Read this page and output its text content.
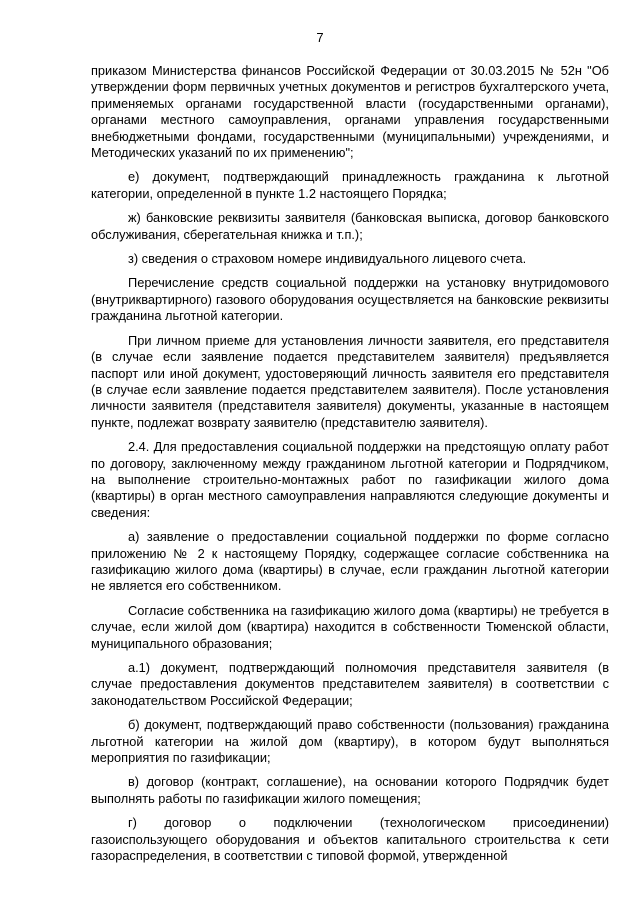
7

приказом Министерства финансов Российской Федерации от 30.03.2015 № 52н "Об утверждении форм первичных учетных документов и регистров бухгалтерского учета, применяемых органами государственной власти (государственными органами), органами местного самоуправления, органами управления государственными внебюджетными фондами, государственными (муниципальными) учреждениями, и Методических указаний по их применению";

е) документ, подтверждающий принадлежность гражданина к льготной категории, определенной в пункте 1.2 настоящего Порядка;

ж) банковские реквизиты заявителя (банковская выписка, договор банковского обслуживания, сберегательная книжка и т.п.);

з) сведения о страховом номере индивидуального лицевого счета.

Перечисление средств социальной поддержки на установку внутридомового (внутриквартирного) газового оборудования осуществляется на банковские реквизиты гражданина льготной категории.

При личном приеме для установления личности заявителя, его представителя (в случае если заявление подается представителем заявителя) предъявляется паспорт или иной документ, удостоверяющий личность заявителя его представителя (в случае если заявление подается представителем заявителя). После установления личности заявителя (представителя заявителя) документы, указанные в настоящем пункте, подлежат возврату заявителю (представителю заявителя).

2.4. Для предоставления социальной поддержки на предстоящую оплату работ по договору, заключенному между гражданином льготной категории и Подрядчиком, на выполнение строительно-монтажных работ по газификации жилого дома (квартиры) в орган местного самоуправления направляются следующие документы и сведения:

а) заявление о предоставлении социальной поддержки по форме согласно приложению № 2 к настоящему Порядку, содержащее согласие собственника на газификацию жилого дома (квартиры) в случае, если гражданин льготной категории не является его собственником.

Согласие собственника на газификацию жилого дома (квартиры) не требуется в случае, если жилой дом (квартира) находится в собственности Тюменской области, муниципального образования;

а.1) документ, подтверждающий полномочия представителя заявителя (в случае предоставления документов представителем заявителя) в соответствии с законодательством Российской Федерации;

б) документ, подтверждающий право собственности (пользования) гражданина льготной категории на жилой дом (квартиру), в котором будут выполняться мероприятия по газификации;

в) договор (контракт, соглашение), на основании которого Подрядчик будет выполнять работы по газификации жилого помещения;

г) договор о подключении (технологическом присоединении) газоиспользующего оборудования и объектов капитального строительства к сети газораспределения, в соответствии с типовой формой, утвержденной
